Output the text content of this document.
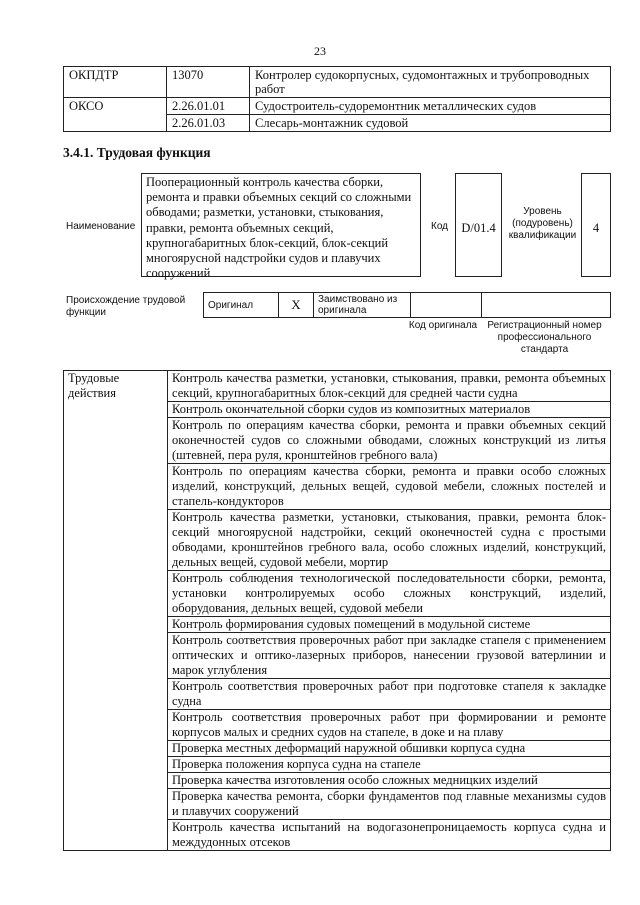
23
ОКПДТР	13070	Контролер судокорпусных, судомонтажных и трубопроводных работ
ОКСО	2.26.01.01	Судостроитель-судоремонтник металлических судов
	2.26.01.03	Слесарь-монтажник судовой
3.4.1. Трудовая функция
Наименование
Пооперационный контроль качества сборки, ремонта и правки объемных секций со сложными обводами; разметки, установки, стыкования, правки, ремонта объемных секций, крупногабаритных блок-секций, блок-секций многоярусной надстройки судов и плавучих сооружений
Код	D/01.4
Уровень (подуровень) квалификации
4
Происхождение трудовой функции
Оригинал	X	Заимствовано из оригинала		
Код оригинала	Регистрационный номер профессионального стандарта
Трудовые действия	Контроль качества разметки, установки, стыкования, правки, ремонта объемных секций, крупногабаритных блок-секций для средней части судна
Контроль окончательной сборки судов из композитных материалов
Контроль по операциям качества сборки, ремонта и правки объемных секций оконечностей судов со сложными обводами, сложных конструкций из литья (штевней, пера руля, кронштейнов гребного вала)
Контроль по операциям качества сборки, ремонта и правки особо сложных изделий, конструкций, дельных вещей, судовой мебели, сложных постелей и стапель-кондукторов
Контроль качества разметки, установки, стыкования, правки, ремонта блок-секций многоярусной надстройки, секций оконечностей судна с простыми обводами, кронштейнов гребного вала, особо сложных изделий, конструкций, дельных вещей, судовой мебели, мортир
Контроль соблюдения технологической последовательности сборки, ремонта, установки контролируемых особо сложных конструкций, изделий, оборудования, дельных вещей, судовой мебели
Контроль формирования судовых помещений в модульной системе
Контроль соответствия проверочных работ при закладке стапеля с применением оптических и оптико-лазерных приборов, нанесении грузовой ватерлинии и марок углубления
Контроль соответствия проверочных работ при подготовке стапеля к закладке судна
Контроль соответствия проверочных работ при формировании и ремонте корпусов малых и средних судов на стапеле, в доке и на плаву
Проверка местных деформаций наружной обшивки корпуса судна
Проверка положения корпуса судна на стапеле
Проверка качества изготовления особо сложных медницких изделий
Проверка качества ремонта, сборки фундаментов под главные механизмы судов и плавучих сооружений
Контроль качества испытаний на водогазонепроницаемость корпуса судна и междудонных отсеков
